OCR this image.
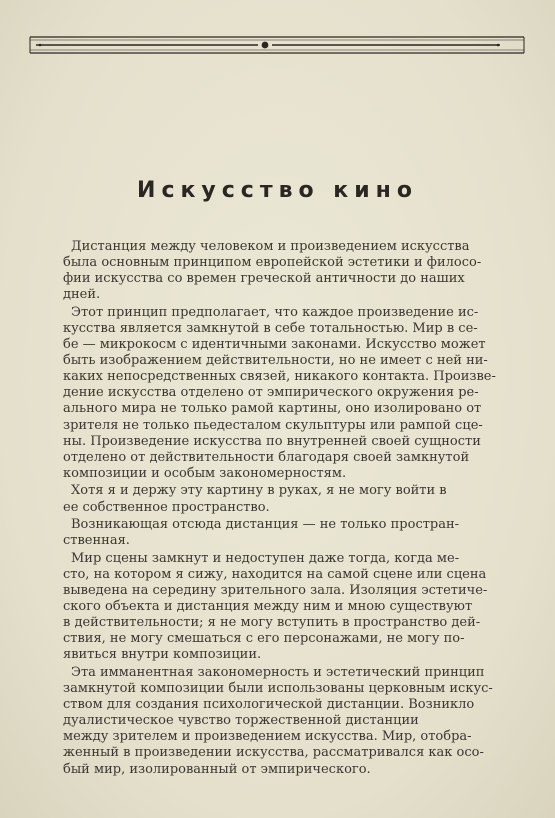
Искусство кино
Дистанция между человеком и произведением искусства
была основным принципом европейской эстетики и филосо-
фии искусства со времен греческой античности до наших
дней.
Этот принцип предполагает, что каждое произведение ис-
кусства является замкнутой в себе тотальностью. Мир в се-
бе — микрокосм с идентичными законами. Искусство может
быть изображением действительности, но не имеет с ней ни-
каких непосредственных связей, никакого контакта. Произве-
дение искусства отделено от эмпирического окружения ре-
ального мира не только рамой картины, оно изолировано от
зрителя не только пьедесталом скульптуры или рампой сце-
ны. Произведение искусства по внутренней своей сущности
отделено от действительности благодаря своей замкнутой
композиции и особым закономерностям.
Хотя я и держу эту картину в руках, я не могу войти в
ее собственное пространство.
Возникающая отсюда дистанция — не только простран-
ственная.
Мир сцены замкнут и недоступен даже тогда, когда ме-
сто, на котором я сижу, находится на самой сцене или сцена
выведена на середину зрительного зала. Изоляция эстетиче-
ского объекта и дистанция между ним и мною существуют
в действительности; я не могу вступить в пространство дей-
ствия, не могу смешаться с его персонажами, не могу по-
явиться внутри композиции.
Эта имманентная закономерность и эстетический принцип
замкнутой композиции были использованы церковным искус-
ством для создания психологической дистанции. Возникло
дуалистическое чувство торжественной дистанции
между зрителем и произведением искусства. Мир, отобра-
женный в произведении искусства, рассматривался как осо-
бый мир, изолированный от эмпирического.
